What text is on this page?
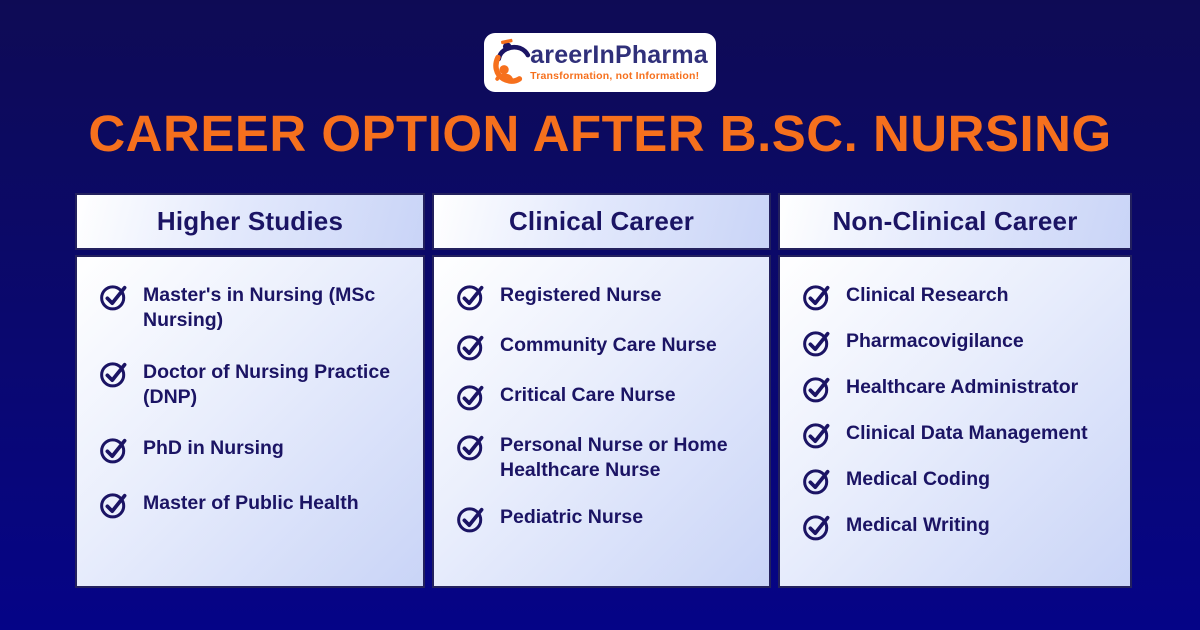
areerInPharma
Transformation, not Information!
CAREER OPTION AFTER B.SC. NURSING
Higher Studies
Master's in Nursing (MSc Nursing)
Doctor of Nursing Practice (DNP)
PhD in Nursing
Master of Public Health
Clinical Career
Registered Nurse
Community Care Nurse
Critical Care Nurse
Personal Nurse or Home Healthcare Nurse
Pediatric Nurse
Non-Clinical Career
Clinical Research
Pharmacovigilance
Healthcare Administrator
Clinical Data Management
Medical Coding
Medical Writing
